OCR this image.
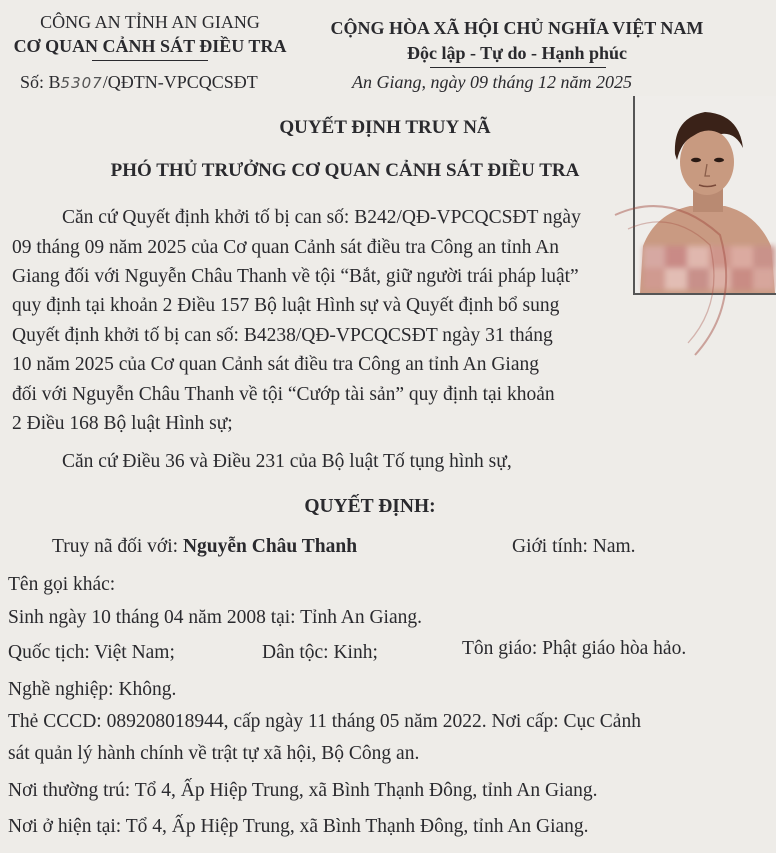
CÔNG AN TỈNH AN GIANG
CƠ QUAN CẢNH SÁT ĐIỀU TRA
Số: B5307/QĐTN-VPCQCSĐT
CỘNG HÒA XÃ HỘI CHỦ NGHĨA VIỆT NAM
Độc lập - Tự do - Hạnh phúc
An Giang, ngày 09 tháng 12 năm 2025
QUYẾT ĐỊNH TRUY NÃ
PHÓ THỦ TRƯỞNG CƠ QUAN CẢNH SÁT ĐIỀU TRA
Căn cứ Quyết định khởi tố bị can số: B242/QĐ-VPCQCSĐT ngày
09 tháng 09 năm 2025 của Cơ quan Cảnh sát điều tra Công an tỉnh An
Giang đối với Nguyễn Châu Thanh về tội “Bắt, giữ người trái pháp luật”
quy định tại khoản 2 Điều 157 Bộ luật Hình sự và Quyết định bổ sung
Quyết định khởi tố bị can số: B4238/QĐ-VPCQCSĐT ngày 31 tháng
10 năm 2025 của Cơ quan Cảnh sát điều tra Công an tỉnh An Giang
đối với Nguyễn Châu Thanh về tội “Cướp tài sản” quy định tại khoản
2 Điều 168 Bộ luật Hình sự;
Căn cứ Điều 36 và Điều 231 của Bộ luật Tố tụng hình sự,
QUYẾT ĐỊNH:
Truy nã đối với: Nguyễn Châu Thanh	Giới tính: Nam.
Tên gọi khác:
Sinh ngày 10 tháng 04 năm 2008 tại: Tỉnh An Giang.
Quốc tịch: Việt Nam;	Dân tộc: Kinh;	Tôn giáo: Phật giáo hòa hảo.
Nghề nghiệp: Không.
Thẻ CCCD: 089208018944, cấp ngày 11 tháng 05 năm 2022. Nơi cấp: Cục Cảnh
sát quản lý hành chính về trật tự xã hội, Bộ Công an.
Nơi thường trú: Tổ 4, Ấp Hiệp Trung, xã Bình Thạnh Đông, tỉnh An Giang.
Nơi ở hiện tại: Tổ 4, Ấp Hiệp Trung, xã Bình Thạnh Đông, tỉnh An Giang.
